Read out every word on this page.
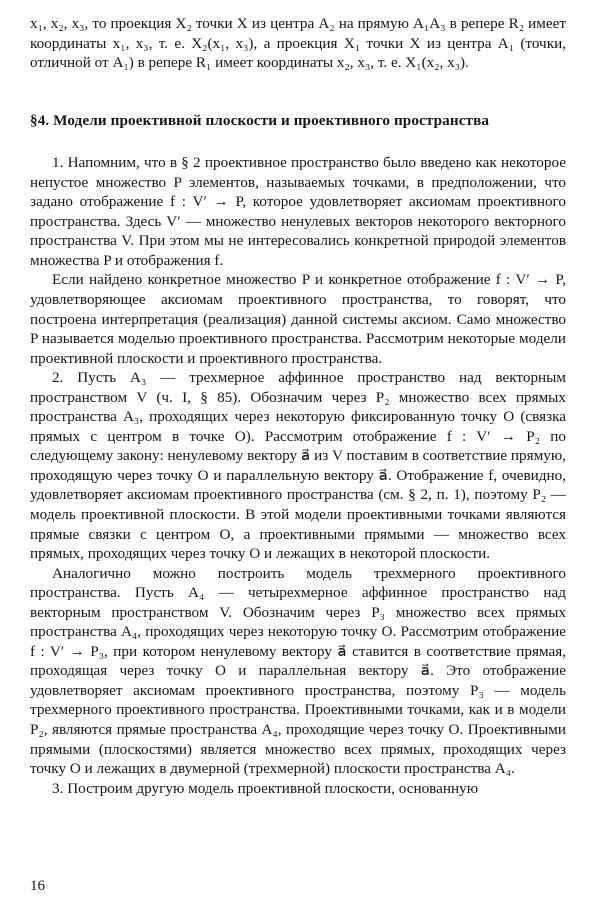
x₁, x₂, x₃, то проекция X₂ точки X из центра A₂ на прямую A₁A₃ в репере R₂ имеет координаты x₁, x₃, т. е. X₂(x₁, x₃), а проекция X₁ точки X из центра A₁ (точки, отличной от A₁) в репере R₁ имеет координаты x₂, x₃, т. е. X₁(x₂, x₃).

§4. Модели проективной плоскости и проективного пространства

1. Напомним, что в § 2 проективное пространство было введено как некоторое непустое множество P элементов, называемых точками, в предположении, что задано отображение f : V′ → P, которое удовлетворяет аксиомам проективного пространства. Здесь V′ — множество ненулевых векторов некоторого векторного пространства V. При этом мы не интересовались конкретной природой элементов множества P и отображения f.

Если найдено конкретное множество P и конкретное отображение f : V′ → P, удовлетворяющее аксиомам проективного пространства, то говорят, что построена интерпретация (реализация) данной системы аксиом. Само множество P называется моделью проективного пространства. Рассмотрим некоторые модели проективной плоскости и проективного пространства.

2. Пусть A₃ — трехмерное аффинное пространство над векторным пространством V (ч. I, § 85). Обозначим через P₂ множество всех прямых пространства A₃, проходящих через некоторую фиксированную точку O (связка прямых с центром в точке O). Рассмотрим отображение f : V′ → P₂ по следующему закону: ненулевому вектору a⃗ из V поставим в соответствие прямую, проходящую через точку O и параллельную вектору a⃗. Отображение f, очевидно, удовлетворяет аксиомам проективного пространства (см. § 2, п. 1), поэтому P₂ — модель проективной плоскости. В этой модели проективными точками являются прямые связки с центром O, а проективными прямыми — множество всех прямых, проходящих через точку O и лежащих в некоторой плоскости.

Аналогично можно построить модель трехмерного проективного пространства. Пусть A₄ — четырехмерное аффинное пространство над векторным пространством V. Обозначим через P₃ множество всех прямых пространства A₄, проходящих через некоторую точку O. Рассмотрим отображение f : V′ → P₃, при котором ненулевому вектору a⃗ ставится в соответствие прямая, проходящая через точку O и параллельная вектору a⃗. Это отображение удовлетворяет аксиомам проективного пространства, поэтому P₃ — модель трехмерного проективного пространства. Проективными точками, как и в модели P₂, являются прямые пространства A₄, проходящие через точку O. Проективными прямыми (плоскостями) является множество всех прямых, проходящих через точку O и лежащих в двумерной (трехмерной) плоскости пространства A₄.

3. Построим другую модель проективной плоскости, основанную

16
